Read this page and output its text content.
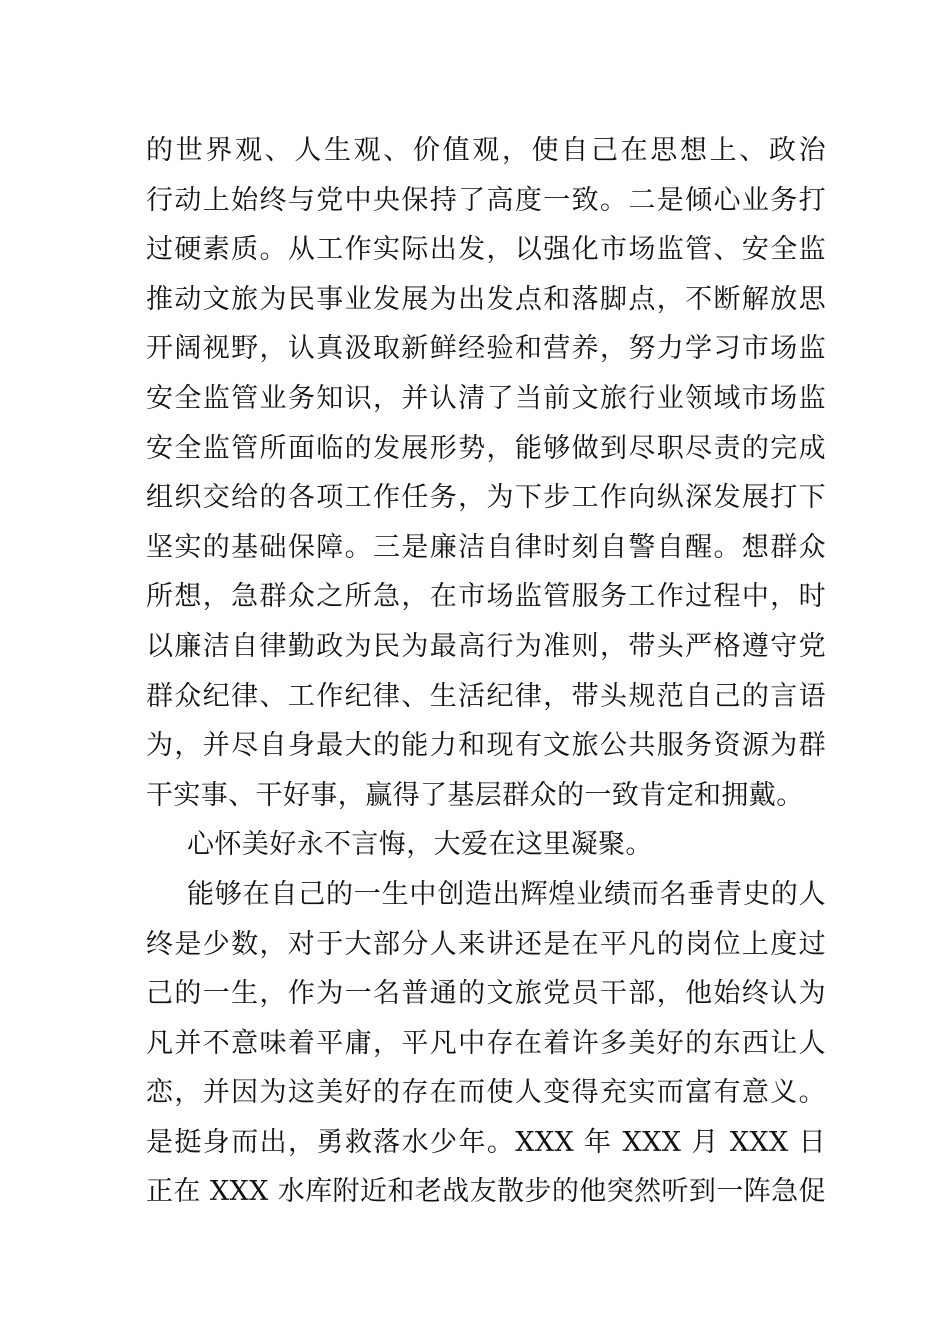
的世界观、人生观、价值观，使自己在思想上、政治
行动上始终与党中央保持了高度一致。二是倾心业务打
过硬素质。从工作实际出发，以强化市场监管、安全监
推动文旅为民事业发展为出发点和落脚点，不断解放思
开阔视野，认真汲取新鲜经验和营养，努力学习市场监
安全监管业务知识，并认清了当前文旅行业领域市场监
安全监管所面临的发展形势，能够做到尽职尽责的完成
组织交给的各项工作任务，为下步工作向纵深发展打下
坚实的基础保障。三是廉洁自律时刻自警自醒。想群众
所想，急群众之所急，在市场监管服务工作过程中，时
以廉洁自律勤政为民为最高行为准则，带头严格遵守党
群众纪律、工作纪律、生活纪律，带头规范自己的言语
为，并尽自身最大的能力和现有文旅公共服务资源为群
干实事、干好事，赢得了基层群众的一致肯定和拥戴。
心怀美好永不言悔，大爱在这里凝聚。
能够在自己的一生中创造出辉煌业绩而名垂青史的人
终是少数，对于大部分人来讲还是在平凡的岗位上度过
己的一生，作为一名普通的文旅党员干部，他始终认为
凡并不意味着平庸，平凡中存在着许多美好的东西让人
恋，并因为这美好的存在而使人变得充实而富有意义。
是挺身而出，勇救落水少年。XXX 年 XXX 月 XXX 日
正在 XXX 水库附近和老战友散步的他突然听到一阵急促
